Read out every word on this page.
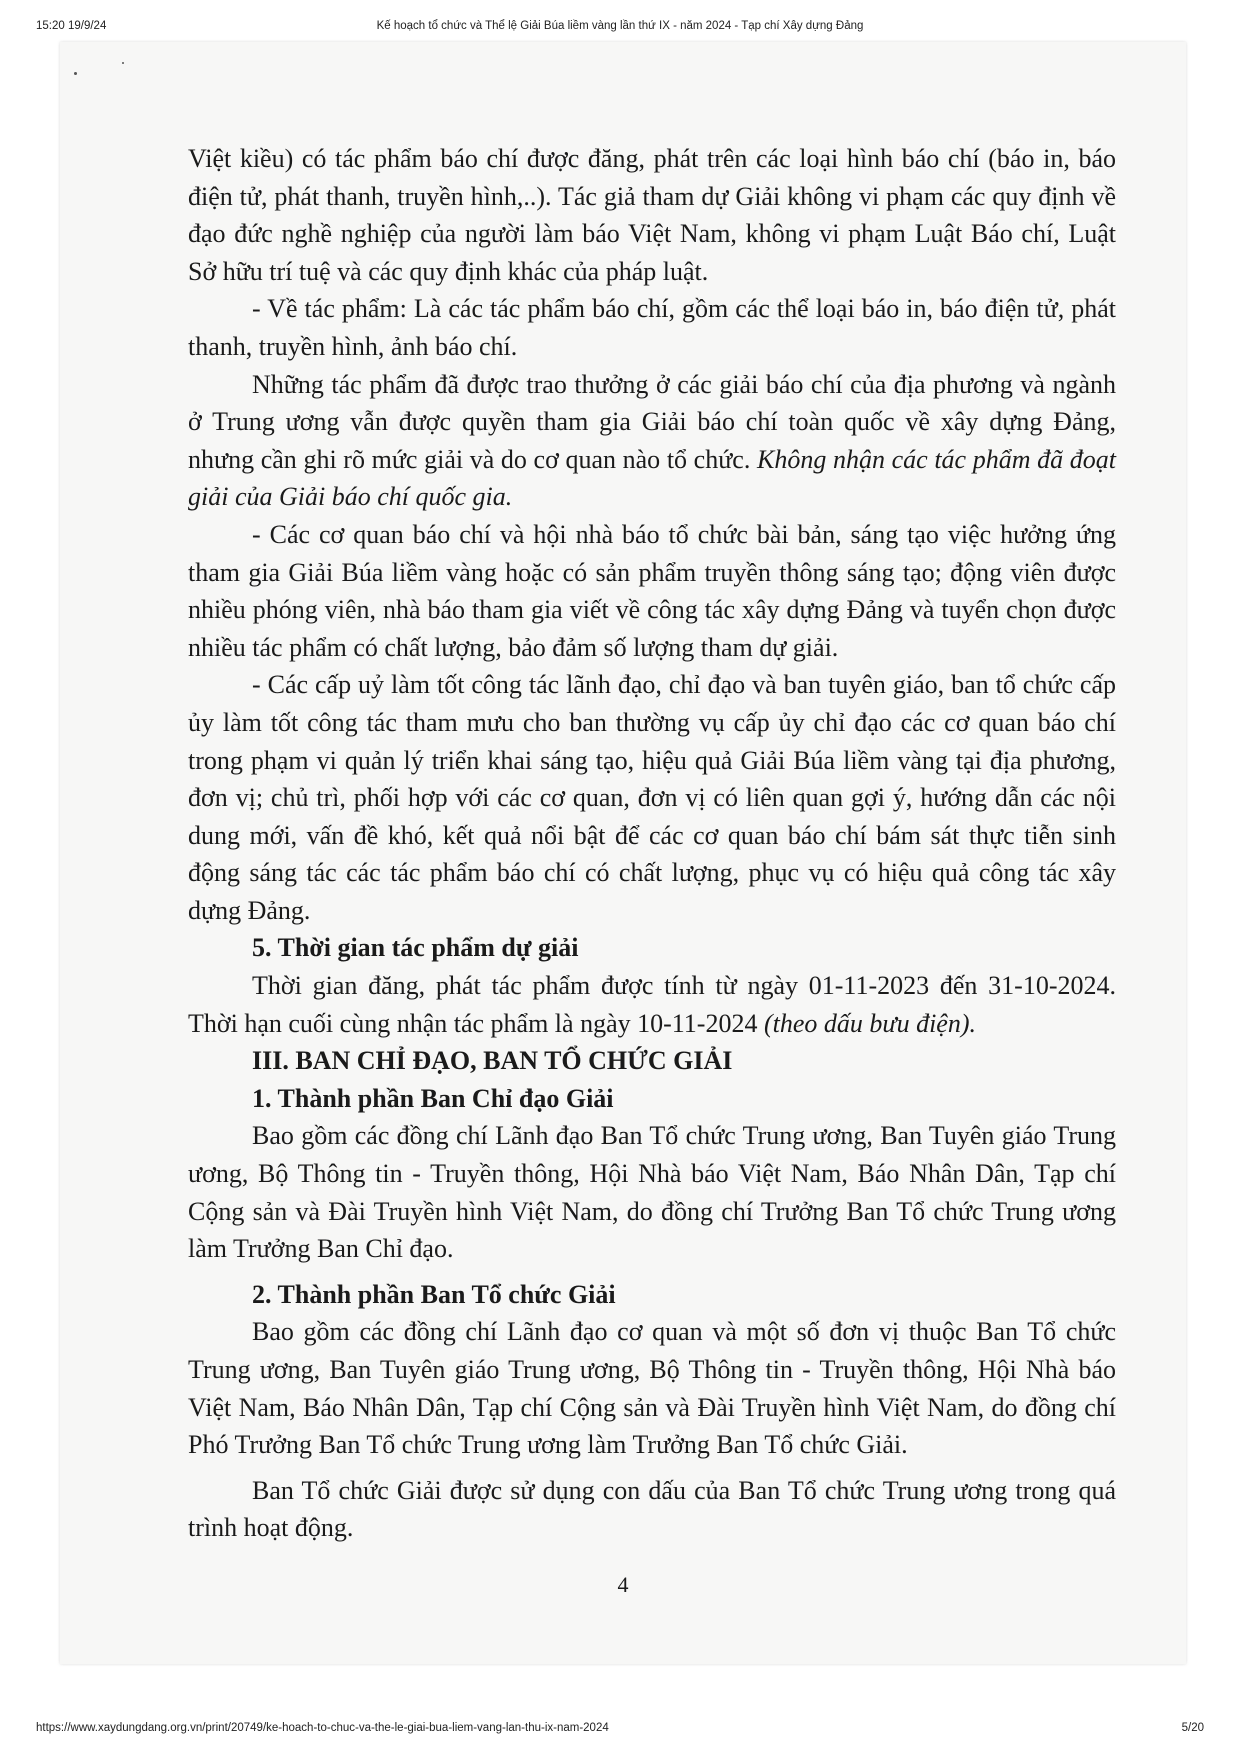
15:20 19/9/24	Kế hoạch tổ chức và Thể lệ Giải Búa liềm vàng lần thứ IX - năm 2024 - Tạp chí Xây dựng Đảng

Việt kiều) có tác phẩm báo chí được đăng, phát trên các loại hình báo chí (báo in, báo điện tử, phát thanh, truyền hình,..). Tác giả tham dự Giải không vi phạm các quy định về đạo đức nghề nghiệp của người làm báo Việt Nam, không vi phạm Luật Báo chí, Luật Sở hữu trí tuệ và các quy định khác của pháp luật.

- Về tác phẩm: Là các tác phẩm báo chí, gồm các thể loại báo in, báo điện tử, phát thanh, truyền hình, ảnh báo chí.

Những tác phẩm đã được trao thưởng ở các giải báo chí của địa phương và ngành ở Trung ương vẫn được quyền tham gia Giải báo chí toàn quốc về xây dựng Đảng, nhưng cần ghi rõ mức giải và do cơ quan nào tổ chức. Không nhận các tác phẩm đã đoạt giải của Giải báo chí quốc gia.

- Các cơ quan báo chí và hội nhà báo tổ chức bài bản, sáng tạo việc hưởng ứng tham gia Giải Búa liềm vàng hoặc có sản phẩm truyền thông sáng tạo; động viên được nhiều phóng viên, nhà báo tham gia viết về công tác xây dựng Đảng và tuyển chọn được nhiều tác phẩm có chất lượng, bảo đảm số lượng tham dự giải.

- Các cấp uỷ làm tốt công tác lãnh đạo, chỉ đạo và ban tuyên giáo, ban tổ chức cấp ủy làm tốt công tác tham mưu cho ban thường vụ cấp ủy chỉ đạo các cơ quan báo chí trong phạm vi quản lý triển khai sáng tạo, hiệu quả Giải Búa liềm vàng tại địa phương, đơn vị; chủ trì, phối hợp với các cơ quan, đơn vị có liên quan gợi ý, hướng dẫn các nội dung mới, vấn đề khó, kết quả nổi bật để các cơ quan báo chí bám sát thực tiễn sinh động sáng tác các tác phẩm báo chí có chất lượng, phục vụ có hiệu quả công tác xây dựng Đảng.

5. Thời gian tác phẩm dự giải

Thời gian đăng, phát tác phẩm được tính từ ngày 01-11-2023 đến 31-10-2024. Thời hạn cuối cùng nhận tác phẩm là ngày 10-11-2024 (theo dấu bưu điện).

III. BAN CHỈ ĐẠO, BAN TỔ CHỨC GIẢI

1. Thành phần Ban Chỉ đạo Giải

Bao gồm các đồng chí Lãnh đạo Ban Tổ chức Trung ương, Ban Tuyên giáo Trung ương, Bộ Thông tin - Truyền thông, Hội Nhà báo Việt Nam, Báo Nhân Dân, Tạp chí Cộng sản và Đài Truyền hình Việt Nam, do đồng chí Trưởng Ban Tổ chức Trung ương làm Trưởng Ban Chỉ đạo.

2. Thành phần Ban Tổ chức Giải

Bao gồm các đồng chí Lãnh đạo cơ quan và một số đơn vị thuộc Ban Tổ chức Trung ương, Ban Tuyên giáo Trung ương, Bộ Thông tin - Truyền thông, Hội Nhà báo Việt Nam, Báo Nhân Dân, Tạp chí Cộng sản và Đài Truyền hình Việt Nam, do đồng chí Phó Trưởng Ban Tổ chức Trung ương làm Trưởng Ban Tổ chức Giải.

Ban Tổ chức Giải được sử dụng con dấu của Ban Tổ chức Trung ương trong quá trình hoạt động.

4
https://www.xaydungdang.org.vn/print/20749/ke-hoach-to-chuc-va-the-le-giai-bua-liem-vang-lan-thu-ix-nam-2024	5/20
